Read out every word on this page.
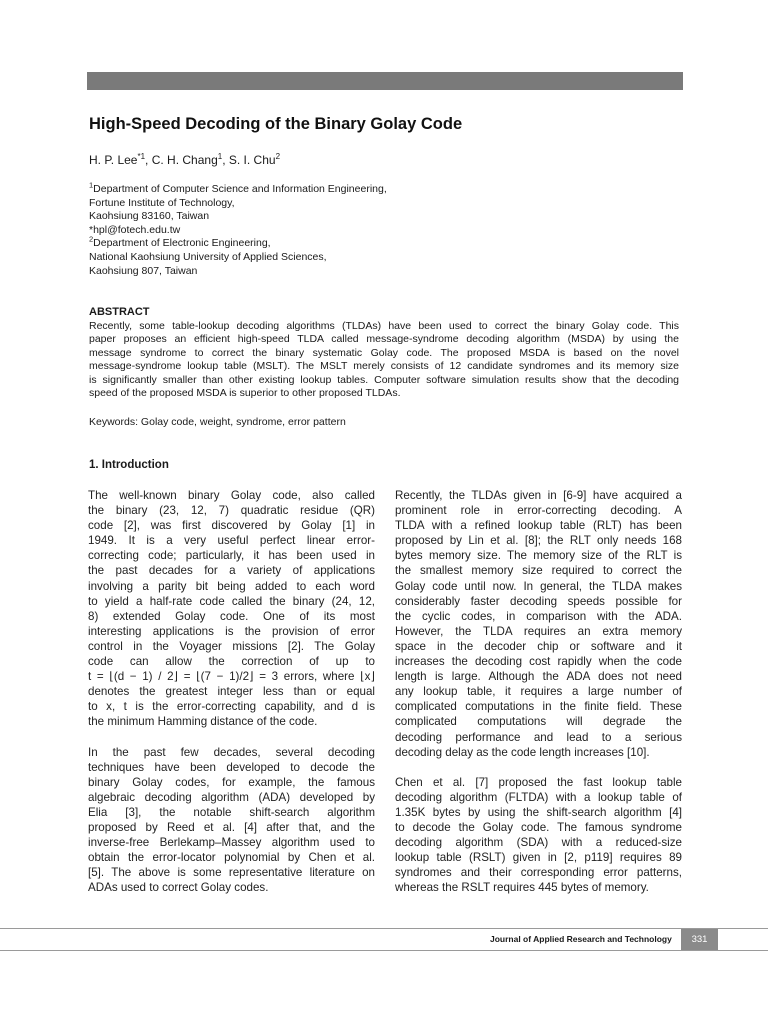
High-Speed Decoding of the Binary Golay Code
H. P. Lee$^{*1}$, C. H. Chang$^1$, S. I. Chu$^2$
$^1$Department of Computer Science and Information Engineering,
Fortune Institute of Technology,
Kaohsiung 83160, Taiwan
*hpl@fotech.edu.tw
$^2$Department of Electronic Engineering,
National Kaohsiung University of Applied Sciences,
Kaohsiung 807, Taiwan
ABSTRACT
Recently, some table-lookup decoding algorithms (TLDAs) have been used to correct the binary Golay code. This
paper proposes an efficient high-speed TLDA called message-syndrome decoding algorithm (MSDA) by using the
message syndrome to correct the binary systematic Golay code. The proposed MSDA is based on the novel
message-syndrome lookup table (MSLT). The MSLT merely consists of 12 candidate syndromes and its memory size
is significantly smaller than other existing lookup tables. Computer software simulation results show that the decoding
speed of the proposed MSDA is superior to other proposed TLDAs.
Keywords: Golay code, weight, syndrome, error pattern
1. Introduction
The well-known binary Golay code, also called
the binary (23, 12, 7) quadratic residue (QR)
code [2], was first discovered by Golay [1] in
1949. It is a very useful perfect linear error-
correcting code; particularly, it has been used in
the past decades for a variety of applications
involving a parity bit being added to each word
to yield a half-rate code called the binary (24, 12,
8) extended Golay code. One of its most
interesting applications is the provision of error
control in the Voyager missions [2]. The Golay
code can allow the correction of up to
t = ⌊(d − 1) / 2⌋ = ⌊(7 − 1)/2⌋ = 3 errors, where ⌊x⌋
denotes the greatest integer less than or equal
to x, t is the error-correcting capability, and d is
the minimum Hamming distance of the code.
In the past few decades, several decoding
techniques have been developed to decode the
binary Golay codes, for example, the famous
algebraic decoding algorithm (ADA) developed by
Elia [3], the notable shift-search algorithm
proposed by Reed et al. [4] after that, and the
inverse-free Berlekamp–Massey algorithm used to
obtain the error-locator polynomial by Chen et al.
[5]. The above is some representative literature on
ADAs used to correct Golay codes.
Recently, the TLDAs given in [6-9] have acquired a
prominent role in error-correcting decoding. A
TLDA with a refined lookup table (RLT) has been
proposed by Lin et al. [8]; the RLT only needs 168
bytes memory size. The memory size of the RLT is
the smallest memory size required to correct the
Golay code until now. In general, the TLDA makes
considerably faster decoding speeds possible for
the cyclic codes, in comparison with the ADA.
However, the TLDA requires an extra memory
space in the decoder chip or software and it
increases the decoding cost rapidly when the code
length is large. Although the ADA does not need
any lookup table, it requires a large number of
complicated computations in the finite field. These
complicated computations will degrade the
decoding performance and lead to a serious
decoding delay as the code length increases [10].
Chen et al. [7] proposed the fast lookup table
decoding algorithm (FLTDA) with a lookup table of
1.35K bytes by using the shift-search algorithm [4]
to decode the Golay code. The famous syndrome
decoding algorithm (SDA) with a reduced-size
lookup table (RSLT) given in [2, p119] requires 89
syndromes and their corresponding error patterns,
whereas the RSLT requires 445 bytes of memory.
Journal of Applied Research and Technology	331
